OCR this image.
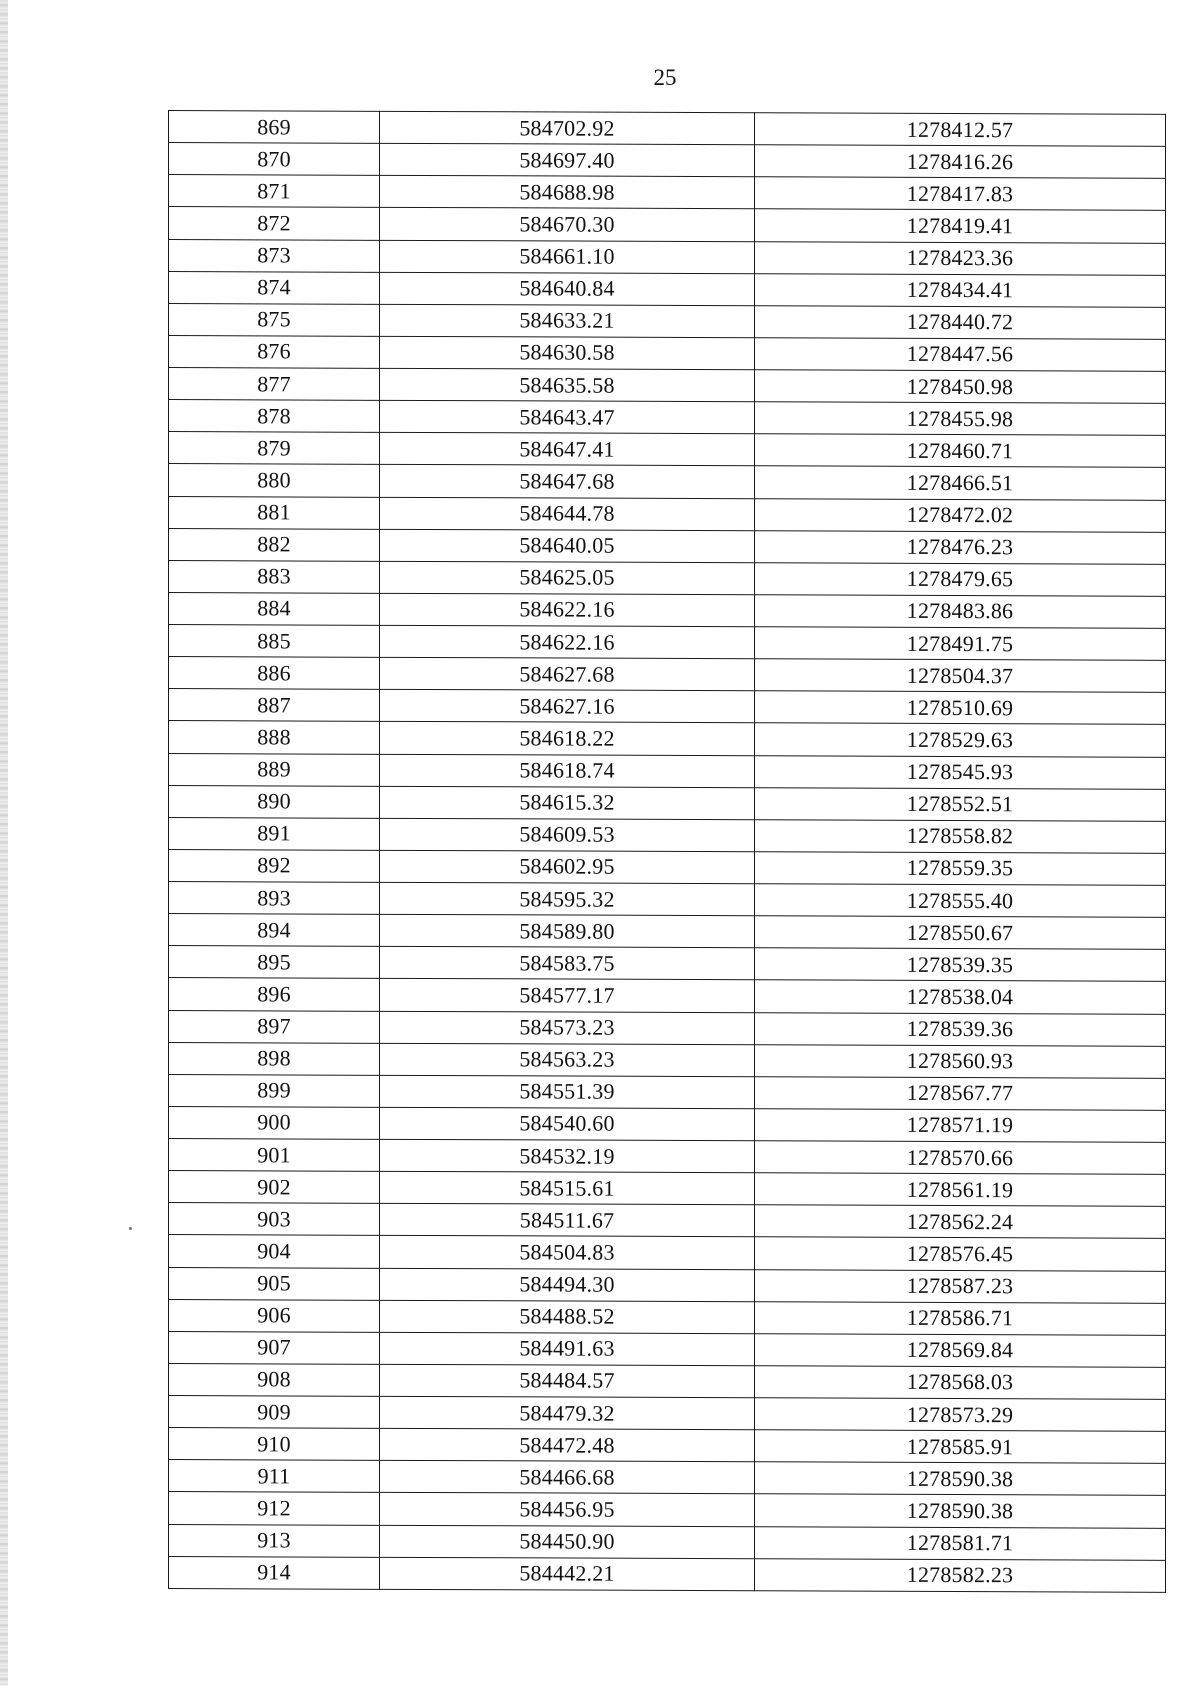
25
869	584702.92	1278412.57
870	584697.40	1278416.26
871	584688.98	1278417.83
872	584670.30	1278419.41
873	584661.10	1278423.36
874	584640.84	1278434.41
875	584633.21	1278440.72
876	584630.58	1278447.56
877	584635.58	1278450.98
878	584643.47	1278455.98
879	584647.41	1278460.71
880	584647.68	1278466.51
881	584644.78	1278472.02
882	584640.05	1278476.23
883	584625.05	1278479.65
884	584622.16	1278483.86
885	584622.16	1278491.75
886	584627.68	1278504.37
887	584627.16	1278510.69
888	584618.22	1278529.63
889	584618.74	1278545.93
890	584615.32	1278552.51
891	584609.53	1278558.82
892	584602.95	1278559.35
893	584595.32	1278555.40
894	584589.80	1278550.67
895	584583.75	1278539.35
896	584577.17	1278538.04
897	584573.23	1278539.36
898	584563.23	1278560.93
899	584551.39	1278567.77
900	584540.60	1278571.19
901	584532.19	1278570.66
902	584515.61	1278561.19
903	584511.67	1278562.24
904	584504.83	1278576.45
905	584494.30	1278587.23
906	584488.52	1278586.71
907	584491.63	1278569.84
908	584484.57	1278568.03
909	584479.32	1278573.29
910	584472.48	1278585.91
911	584466.68	1278590.38
912	584456.95	1278590.38
913	584450.90	1278581.71
914	584442.21	1278582.23
